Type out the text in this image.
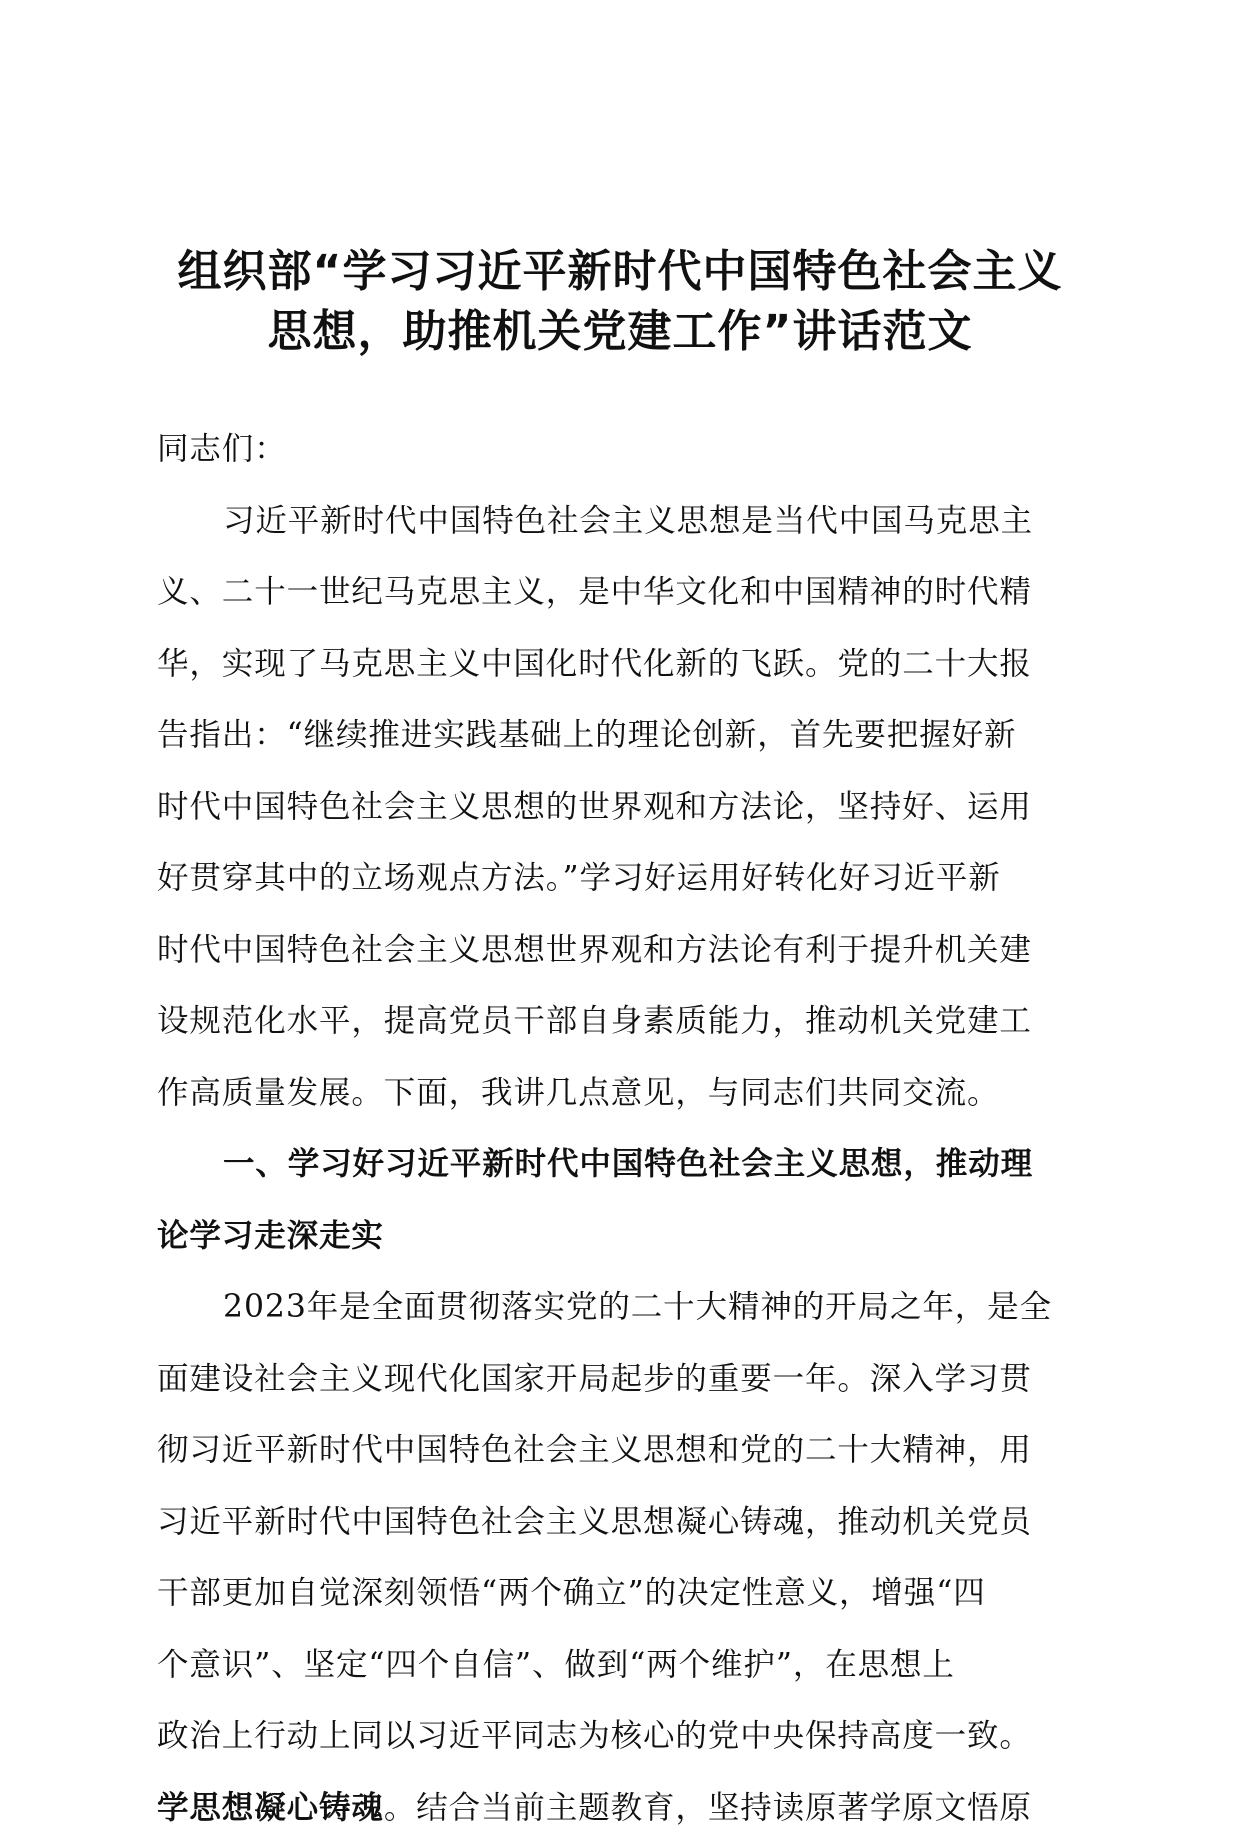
组织部“学习习近平新时代中国特色社会主义
思想，助推机关党建工作”讲话范文
同志们：
习近平新时代中国特色社会主义思想是当代中国马克思主
义、二十一世纪马克思主义，是中华文化和中国精神的时代精
华，实现了马克思主义中国化时代化新的飞跃。党的二十大报
告指出：“继续推进实践基础上的理论创新，首先要把握好新
时代中国特色社会主义思想的世界观和方法论，坚持好、运用
好贯穿其中的立场观点方法。”学习好运用好转化好习近平新
时代中国特色社会主义思想世界观和方法论有利于提升机关建
设规范化水平，提高党员干部自身素质能力，推动机关党建工
作高质量发展。下面，我讲几点意见，与同志们共同交流。
一、学习好习近平新时代中国特色社会主义思想，推动理
论学习走深走实
2023年是全面贯彻落实党的二十大精神的开局之年，是全
面建设社会主义现代化国家开局起步的重要一年。深入学习贯
彻习近平新时代中国特色社会主义思想和党的二十大精神，用
习近平新时代中国特色社会主义思想凝心铸魂，推动机关党员
干部更加自觉深刻领悟“两个确立”的决定性意义，增强“四
个意识”、坚定“四个自信”、做到“两个维护”，在思想上
政治上行动上同以习近平同志为核心的党中央保持高度一致。
学思想凝心铸魂。结合当前主题教育，坚持读原著学原文悟原
